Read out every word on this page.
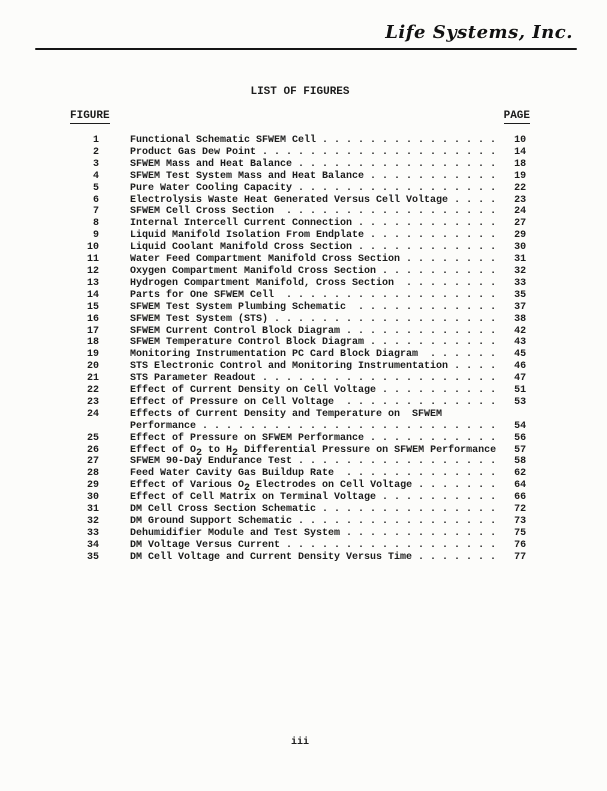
Life Systems, Inc.
LIST OF FIGURES
FIGURE	PAGE
1	Functional Schematic SFWEM Cell . . . . . . . . . . . . . . . 10
2	Product Gas Dew Point . . . . . . . . . . . . . . . . . . . . 14
3	SFWEM Mass and Heat Balance . . . . . . . . . . . . . . . . . 18
4	SFWEM Test System Mass and Heat Balance . . . . . . . . . . . 19
5	Pure Water Cooling Capacity . . . . . . . . . . . . . . . . . 22
6	Electrolysis Waste Heat Generated Versus Cell Voltage . . . . 23
7	SFWEM Cell Cross Section . . . . . . . . . . . . . . . . . . 24
8	Internal Intercell Current Connection . . . . . . . . . . . . 27
9	Liquid Manifold Isolation From Endplate . . . . . . . . . . . 29
10	Liquid Coolant Manifold Cross Section . . . . . . . . . . . . 30
11	Water Feed Compartment Manifold Cross Section . . . . . . . . 31
12	Oxygen Compartment Manifold Cross Section . . . . . . . . . . 32
13	Hydrogen Compartment Manifold, Cross Section . . . . . . . . 33
14	Parts for One SFWEM Cell . . . . . . . . . . . . . . . . . . 35
15	SFWEM Test System Plumbing Schematic . . . . . . . . . . . . 37
16	SFWEM Test System (STS) . . . . . . . . . . . . . . . . . . . 38
17	SFWEM Current Control Block Diagram . . . . . . . . . . . . . 42
18	SFWEM Temperature Control Block Diagram . . . . . . . . . . . 43
19	Monitoring Instrumentation PC Card Block Diagram . . . . . . 45
20	STS Electronic Control and Monitoring Instrumentation . . . . 46
21	STS Parameter Readout . . . . . . . . . . . . . . . . . . . . 47
22	Effect of Current Density on Cell Voltage . . . . . . . . . . 51
23	Effect of Pressure on Cell Voltage . . . . . . . . . . . . . 53
24	Effects of Current Density and Temperature on  SFWEM
Performance . . . . . . . . . . . . . . . . . . . . . . . . . 54
25	Effect of Pressure on SFWEM Performance . . . . . . . . . . . 56
26	Effect of O2 to H2 Differential Pressure on SFWEM Performance
57
27	SFWEM 90-Day Endurance Test . . . . . . . . . . . . . . . . . 58
28	Feed Water Cavity Gas Buildup Rate . . . . . . . . . . . . . 62
29	Effect of Various O2 Electrodes on Cell Voltage . . . . . . . 64
30	Effect of Cell Matrix on Terminal Voltage . . . . . . . . . . 66
31	DM Cell Cross Section Schematic . . . . . . . . . . . . . . . 72
32	DM Ground Support Schematic . . . . . . . . . . . . . . . . . 73
33	Dehumidifier Module and Test System . . . . . . . . . . . . . 75
34	DM Voltage Versus Current . . . . . . . . . . . . . . . . . . 76
35	DM Cell Voltage and Current Density Versus Time . . . . . . . 77
iii
